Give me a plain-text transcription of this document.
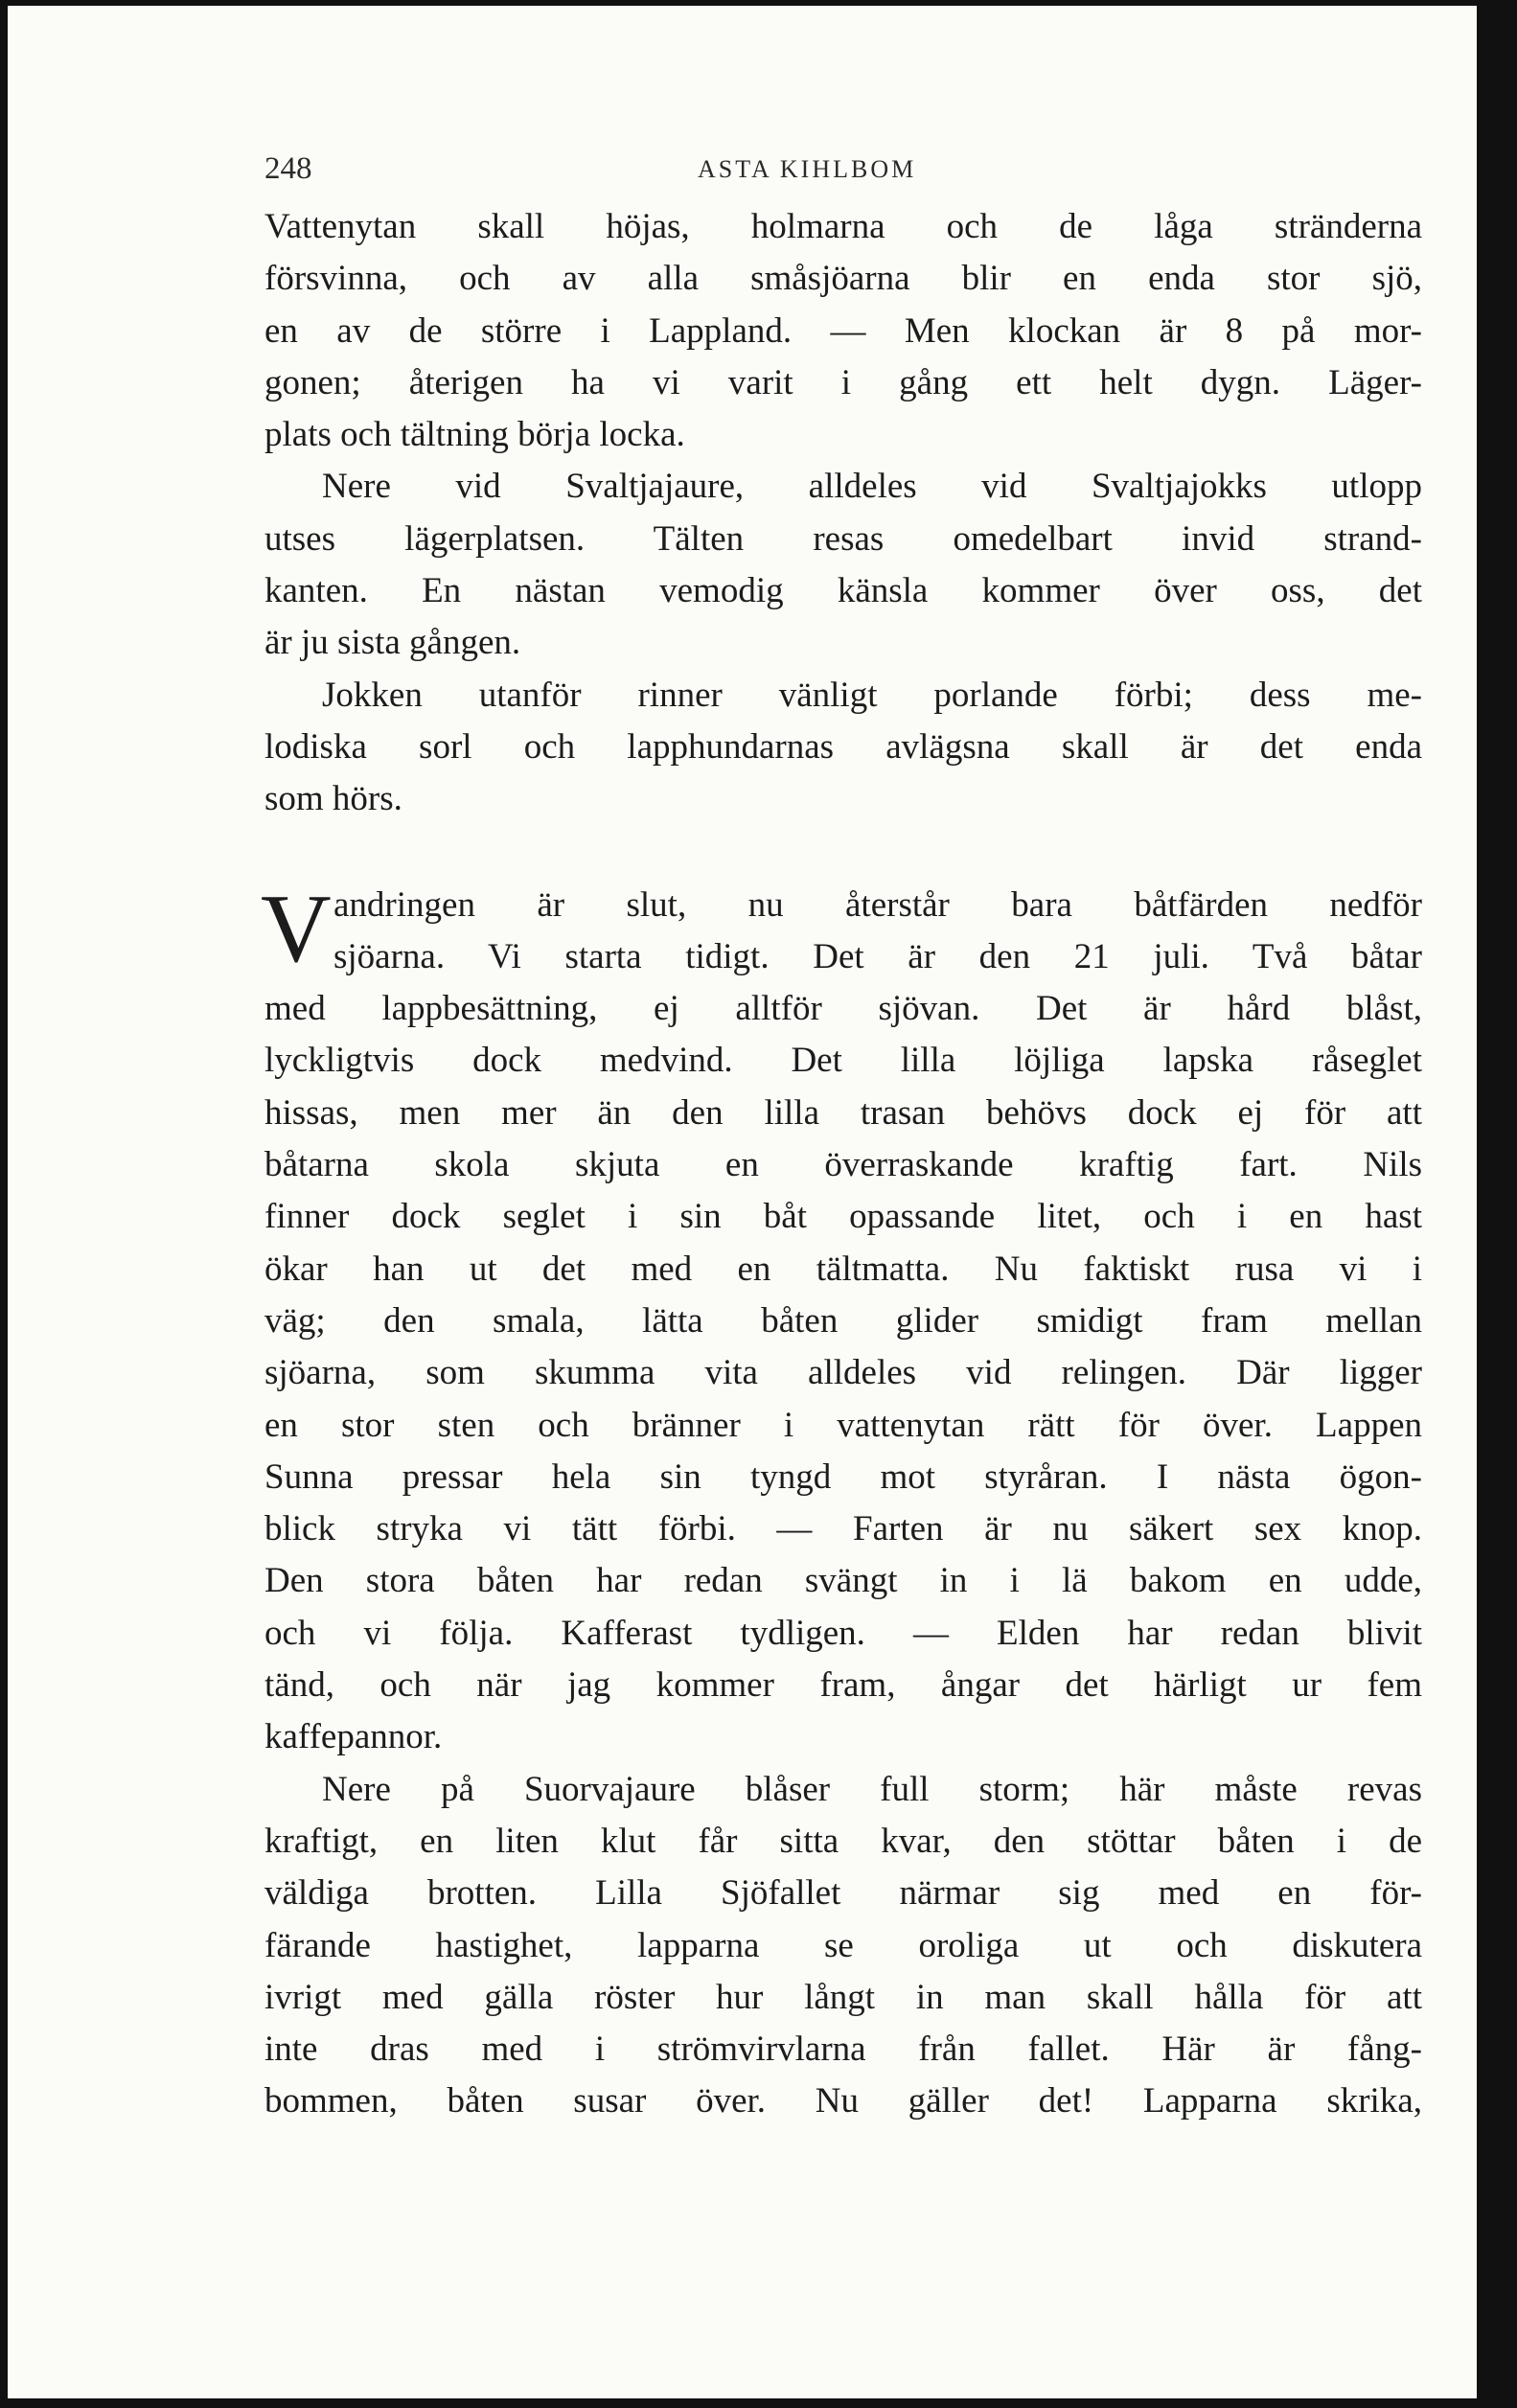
248	ASTA KIHLBOM
Vattenytan skall höjas, holmarna och de låga stränderna
försvinna, och av alla småsjöarna blir en enda stor sjö,
en av de större i Lappland. — Men klockan är 8 på mor-
gonen; återigen ha vi varit i gång ett helt dygn. Läger-
plats och tältning börja locka.
Nere vid Svaltjajaure, alldeles vid Svaltjajokks utlopp
utses lägerplatsen. Tälten resas omedelbart invid strand-
kanten. En nästan vemodig känsla kommer över oss, det
är ju sista gången.
Jokken utanför rinner vänligt porlande förbi; dess me-
lodiska sorl och lapphundarnas avlägsna skall är det enda
som hörs.
V andringen är slut, nu återstår bara båtfärden nedför
sjöarna. Vi starta tidigt. Det är den 21 juli. Två båtar
med lappbesättning, ej alltför sjövan. Det är hård blåst,
lyckligtvis dock medvind. Det lilla löjliga lapska råseglet
hissas, men mer än den lilla trasan behövs dock ej för att
båtarna skola skjuta en överraskande kraftig fart. Nils
finner dock seglet i sin båt opassande litet, och i en hast
ökar han ut det med en tältmatta. Nu faktiskt rusa vi i
väg; den smala, lätta båten glider smidigt fram mellan
sjöarna, som skumma vita alldeles vid relingen. Där ligger
en stor sten och bränner i vattenytan rätt för över. Lappen
Sunna pressar hela sin tyngd mot styråran. I nästa ögon-
blick stryka vi tätt förbi. — Farten är nu säkert sex knop.
Den stora båten har redan svängt in i lä bakom en udde,
och vi följa. Kafferast tydligen. — Elden har redan blivit
tänd, och när jag kommer fram, ångar det härligt ur fem
kaffepannor.
Nere på Suorvajaure blåser full storm; här måste revas
kraftigt, en liten klut får sitta kvar, den stöttar båten i de
väldiga brotten. Lilla Sjöfallet närmar sig med en för-
färande hastighet, lapparna se oroliga ut och diskutera
ivrigt med gälla röster hur långt in man skall hålla för att
inte dras med i strömvirvlarna från fallet. Här är fång-
bommen, båten susar över. Nu gäller det! Lapparna skrika,
